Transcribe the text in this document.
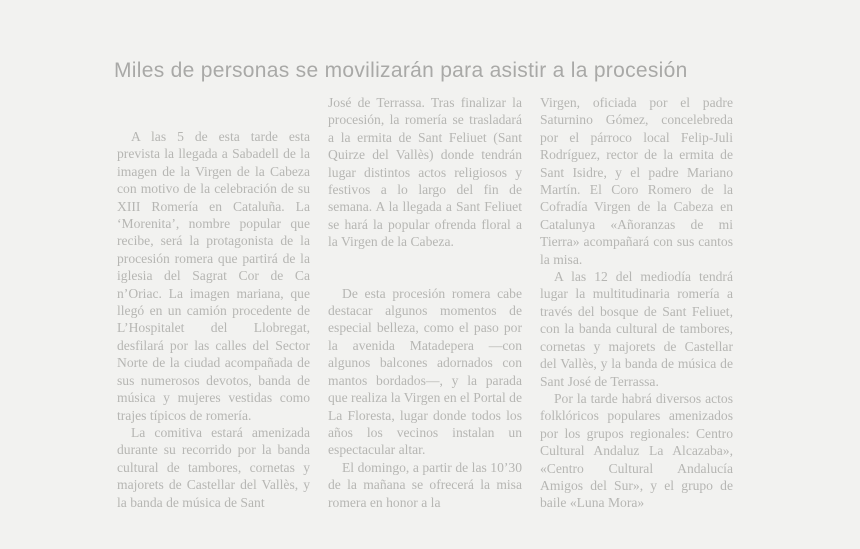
Miles de personas se movilizarán para asistir a la procesión

A las 5 de esta tarde esta prevista la llegada a Sabadell de la imagen de la Virgen de la Cabeza con motivo de la celebración de su XIII Romería en Cataluña. La ‘Morenita’, nombre popular que recibe, será la protagonista de la procesión romera que partirá de la iglesia del Sagrat Cor de Ca n’Oriac. La imagen mariana, que llegó en un camión procedente de L’Hospitalet del Llobregat, desfilará por las calles del Sector Norte de la ciudad acompañada de sus numerosos devotos, banda de música y mujeres vestidas como trajes típicos de romería.

La comitiva estará amenizada durante su recorrido por la banda cultural de tambores, cornetas y majorets de Castellar del Vallès, y la banda de música de Sant

José de Terrassa. Tras finalizar la procesión, la romería se trasladará a la ermita de Sant Feliuet (Sant Quirze del Vallès) donde tendrán lugar distintos actos religiosos y festivos a lo largo del fin de semana. A la llegada a Sant Feliuet se hará la popular ofrenda floral a la Virgen de la Cabeza.

De esta procesión romera cabe destacar algunos momentos de especial belleza, como el paso por la avenida Matadepera —con algunos balcones adornados con mantos bordados—, y la parada que realiza la Virgen en el Portal de La Floresta, lugar donde todos los años los vecinos instalan un espectacular altar.

El domingo, a partir de las 10’30 de la mañana se ofrecerá la misa romera en honor a la

Virgen, oficiada por el padre Saturnino Gómez, concelebreda por el párroco local Felip-Juli Rodríguez, rector de la ermita de Sant Isidre, y el padre Mariano Martín. El Coro Romero de la Cofradía Virgen de la Cabeza en Catalunya «Añoranzas de mi Tierra» acompañará con sus cantos la misa.

A las 12 del mediodía tendrá lugar la multitudinaria romería a través del bosque de Sant Feliuet, con la banda cultural de tambores, cornetas y majorets de Castellar del Vallès, y la banda de música de Sant José de Terrassa.

Por la tarde habrá diversos actos folklóricos populares amenizados por los grupos regionales: Centro Cultural Andaluz La Alcazaba», «Centro Cultural Andalucía Amigos del Sur», y el grupo de baile «Luna Mora»
